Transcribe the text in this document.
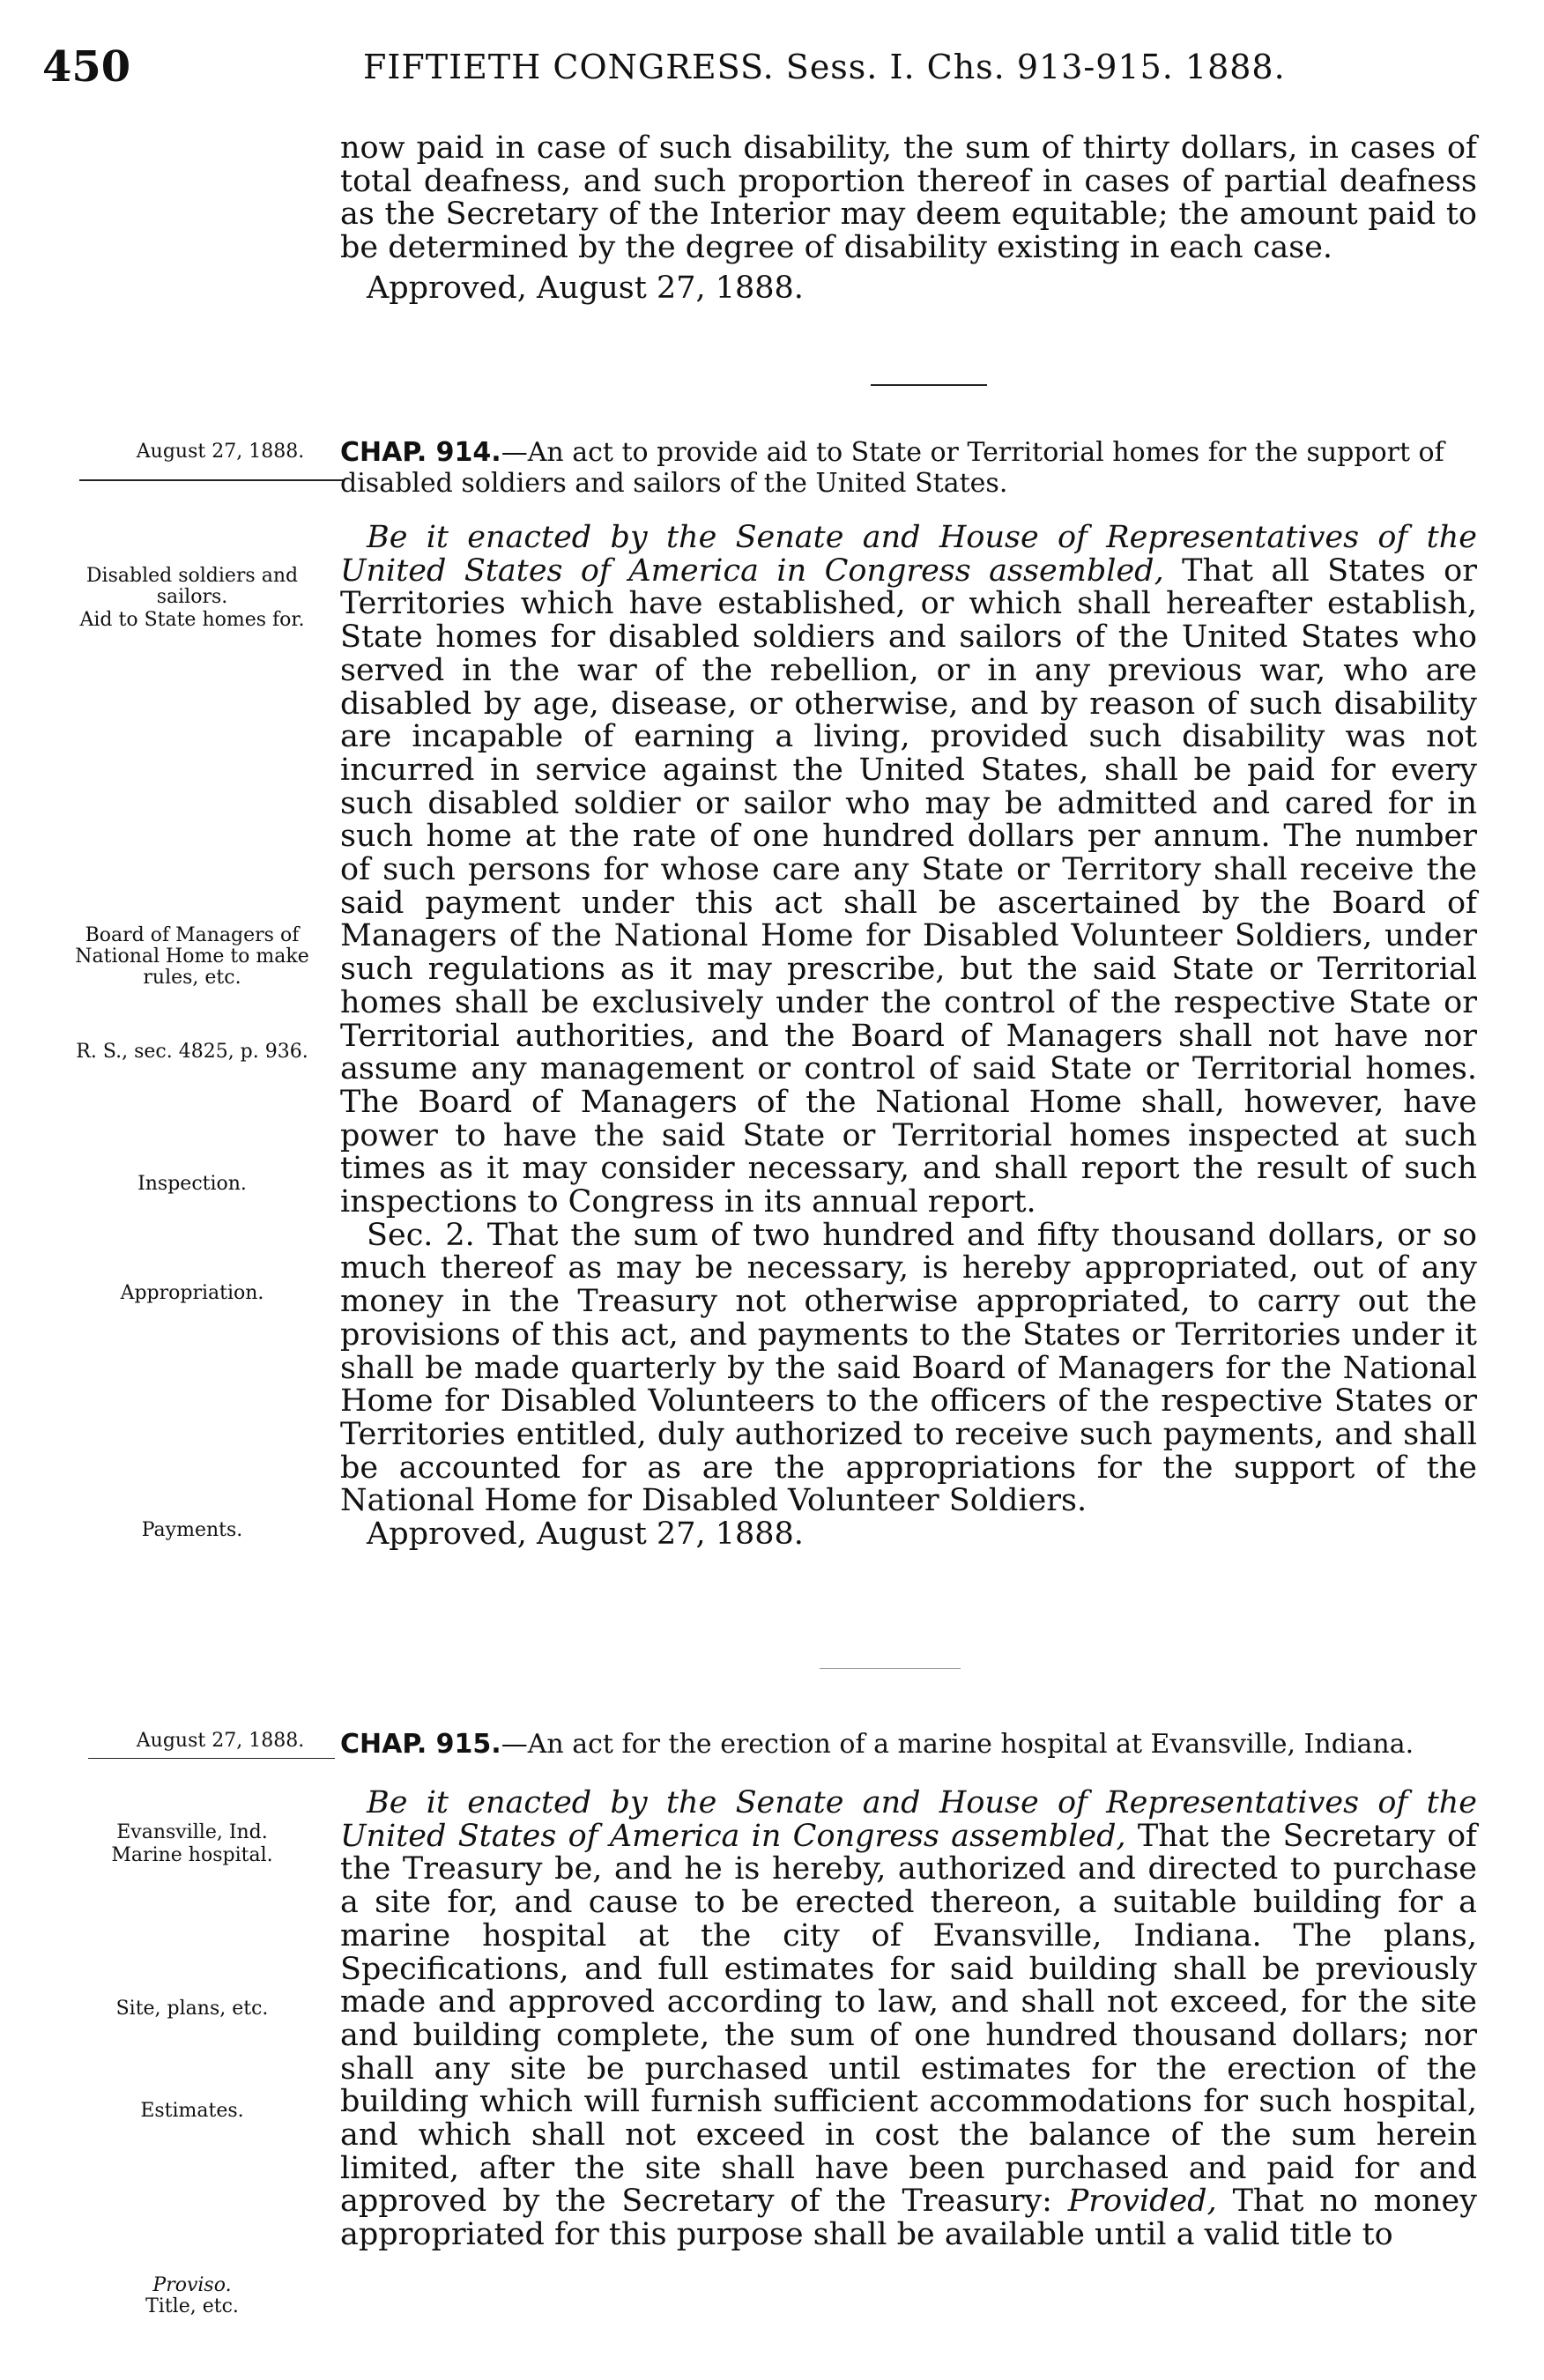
450	FIFTIETH CONGRESS. Sess. I. Chs. 913-915. 1888.

now paid in case of such disability, the sum of thirty dollars, in cases of total deafness, and such proportion thereof in cases of partial deafness as the Secretary of the Interior may deem equitable; the amount paid to be determined by the degree of disability existing in each case.

Approved, August 27, 1888.

August 27, 1888.	CHAP. 914.—An act to provide aid to State or Territorial homes for the support of disabled soldiers and sailors of the United States.

Be it enacted by the Senate and House of Representatives of the United States of America in Congress assembled, That all States or Territories which have established, or which shall hereafter establish, State homes for disabled soldiers and sailors of the United States who served in the war of the rebellion, or in any previous war, who are disabled by age, disease, or otherwise, and by reason of such disability are incapable of earning a living, provided such disability was not incurred in service against the United States, shall be paid for every such disabled soldier or sailor who may be admitted and cared for in such home at the rate of one hundred dollars per annum. The number of such persons for whose care any State or Territory shall receive the said payment under this act shall be ascertained by the Board of Managers of the National Home for Disabled Volunteer Soldiers, under such regulations as it may prescribe, but the said State or Territorial homes shall be exclusively under the control of the respective State or Territorial authorities, and the Board of Managers shall not have nor assume any management or control of said State or Territorial homes. The Board of Managers of the National Home shall, however, have power to have the said State or Territorial homes inspected at such times as it may consider necessary, and shall report the result of such inspections to Congress in its annual report.

Sec. 2. That the sum of two hundred and fifty thousand dollars, or so much thereof as may be necessary, is hereby appropriated, out of any money in the Treasury not otherwise appropriated, to carry out the provisions of this act, and payments to the States or Territories under it shall be made quarterly by the said Board of Managers for the National Home for Disabled Volunteers to the officers of the respective States or Territories entitled, duly authorized to receive such payments, and shall be accounted for as are the appropriations for the support of the National Home for Disabled Volunteer Soldiers.

Approved, August 27, 1888.

Disabled soldiers and sailors.
Aid to State homes for.
Board of Managers of National Home to make rules, etc.
R. S., sec. 4825, p. 936.
Inspection.
Appropriation.
Payments.
August 27, 1888.	CHAP. 915.—An act for the erection of a marine hospital at Evansville, Indiana.

Be it enacted by the Senate and House of Representatives of the United States of America in Congress assembled, That the Secretary of the Treasury be, and he is hereby, authorized and directed to purchase a site for, and cause to be erected thereon, a suitable building for a marine hospital at the city of Evansville, Indiana. The plans, Specifications, and full estimates for said building shall be previously made and approved according to law, and shall not exceed, for the site and building complete, the sum of one hundred thousand dollars; nor shall any site be purchased until estimates for the erection of the building which will furnish sufficient accommodations for such hospital, and which shall not exceed in cost the balance of the sum herein limited, after the site shall have been purchased and paid for and approved by the Secretary of the Treasury: Provided, That no money appropriated for this purpose shall be available until a valid title to

Evansville, Ind.
Marine hospital.
Site, plans, etc.
Estimates.
Proviso.
Title, etc.
